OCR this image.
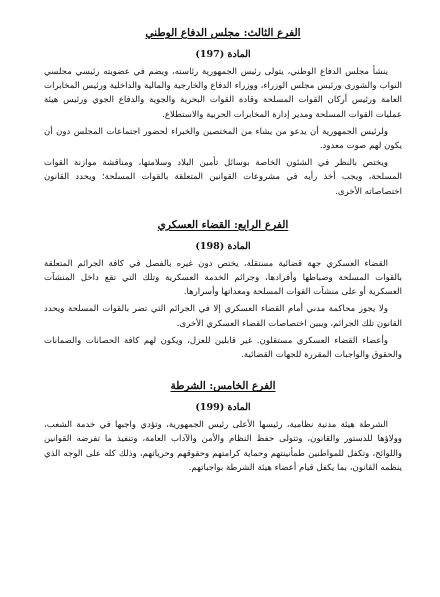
الفرع الثالث: مجلس الدفاع الوطني
المادة (197)

ينشأ مجلس الدفاع الوطني، يتولى رئيس الجمهورية رئاسته، ويضم في عضويته رئيسي مجلسي النواب والشورى ورئيس مجلس الوزراء، ووزراء الدفاع والخارجية والمالية والداخلية ورئيس المخابرات العامة ورئيس أركان القوات المسلحة وقادة القوات البحرية والجوية والدفاع الجوي ورئيس هيئة عمليات القوات المسلحة ومدير إدارة المخابرات الحربية والاستطلاع.

ولرئيس الجمهورية أن يدعو من يشاء من المختصين والخبراء لحضور اجتماعات المجلس دون أن يكون لهم صوت معدود.

ويختص بالنظر في الشئون الخاصة بوسائل تأمين البلاد وسلامتها، ومناقشة موازنة القوات المسلحة، ويجب أخذ رأيه في مشروعات القوانين المتعلقة بالقوات المسلحة؛ ويحدد القانون اختصاصاته الأخرى.

الفرع الرابع: القضاء العسكري
المادة (198)

القضاء العسكري جهة قضائية مستقلة، يختص دون غيره بالفصل في كافة الجرائم المتعلقة بالقوات المسلحة وضباطها وأفرادها، وجرائم الخدمة العسكرية وتلك التي تقع داخل المنشآت العسكرية أو على منشآت القوات المسلحة ومعداتها وأسرارها.

ولا يجوز محاكمة مدني أمام القضاء العسكري إلا في الجرائم التي تضر بالقوات المسلحة ويحدد القانون تلك الجرائم، ويبين اختصاصات القضاء العسكري الأخرى.

وأعضاء القضاء العسكري مستقلون. غير قابلين للعزل، ويكون لهم كافة الحصانات والضمانات والحقوق والواجبات المقررة للجهات القضائية.

الفرع الخامس: الشرطة
المادة (199)

الشرطة هيئة مدنية نظامية، رئيسها الأعلى رئيس الجمهورية، وتؤدي واجبها في خدمة الشعب، وولاؤها للدستور والقانون، وتتولى حفظ النظام والأمن والآداب العامة، وتنفيذ ما تفرضه القوانين واللوائح، وتكفل للمواطنين طمأنينتهم وحماية كرامتهم وحقوقهم وحرياتهم، وذلك كله على الوجه الذي ينظمه القانون، بما يكفل قيام أعضاء هيئة الشرطة بواجباتهم.
